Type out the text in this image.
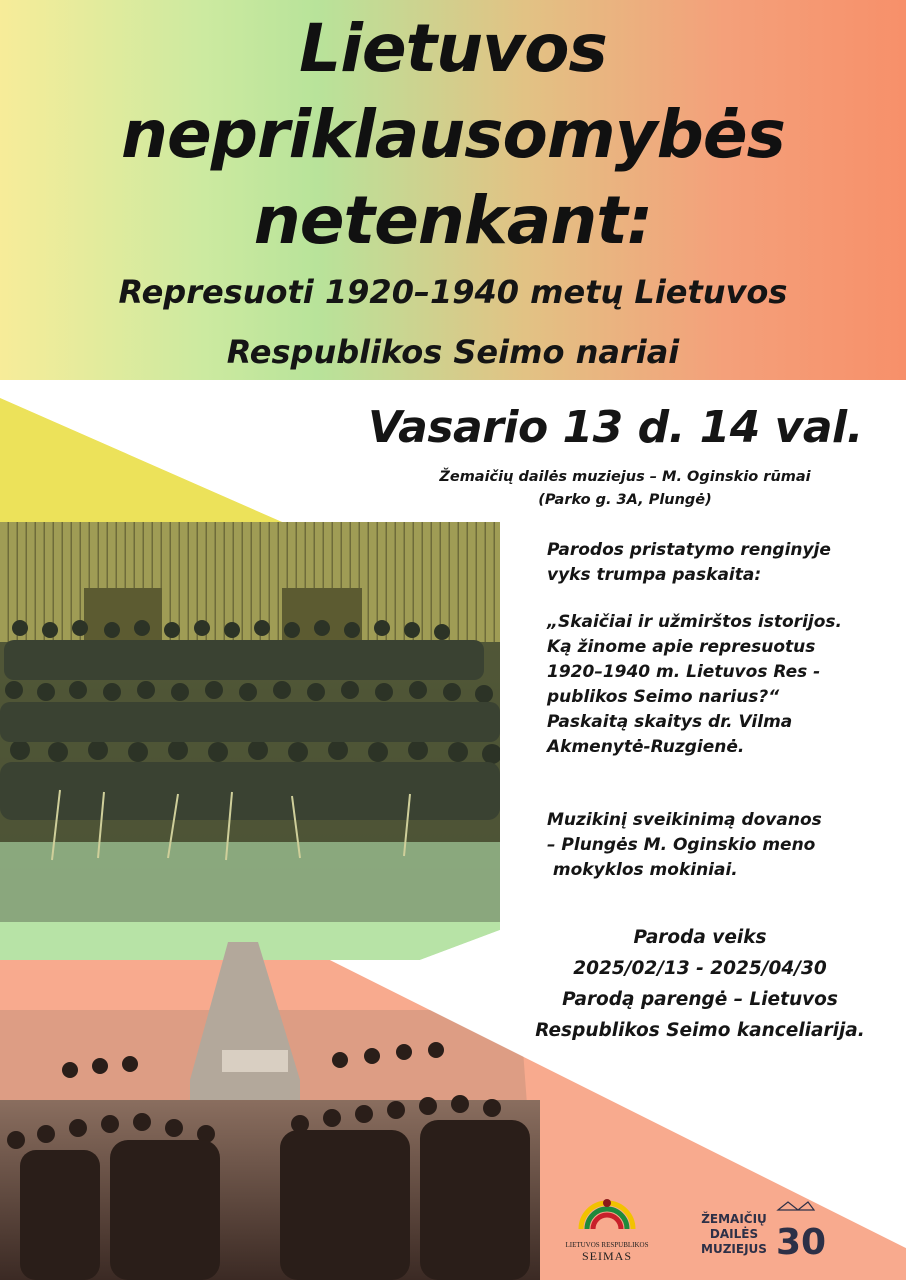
Lietuvos
nepriklausomybės
netenkant:
Represuoti 1920–1940 metų Lietuvos
Respublikos Seimo nariai
Vasario 13 d. 14 val.
Žemaičių dailės muziejus – M. Oginskio rūmai
(Parko g. 3A, Plungė)
Parodos pristatymo renginyje
vyks trumpa paskaita:
„Skaičiai ir užmirštos istorijos.
Ką žinome apie represuotus
1920–1940 m. Lietuvos Res -
publikos Seimo narius?“
Paskaitą skaitys dr. Vilma
Akmenytė-Ruzgienė.
Muzikinį sveikinimą dovanos
– Plungės M. Oginskio meno
mokyklos mokiniai.
Paroda veiks
2025/02/13 - 2025/04/30
Parodą parengė – Lietuvos
Respublikos Seimo kanceliarija.
LIETUVOS RESPUBLIKOS
SEIMAS
ŽEMAIČIŲ
DAILĖS
MUZIEJUS 30
